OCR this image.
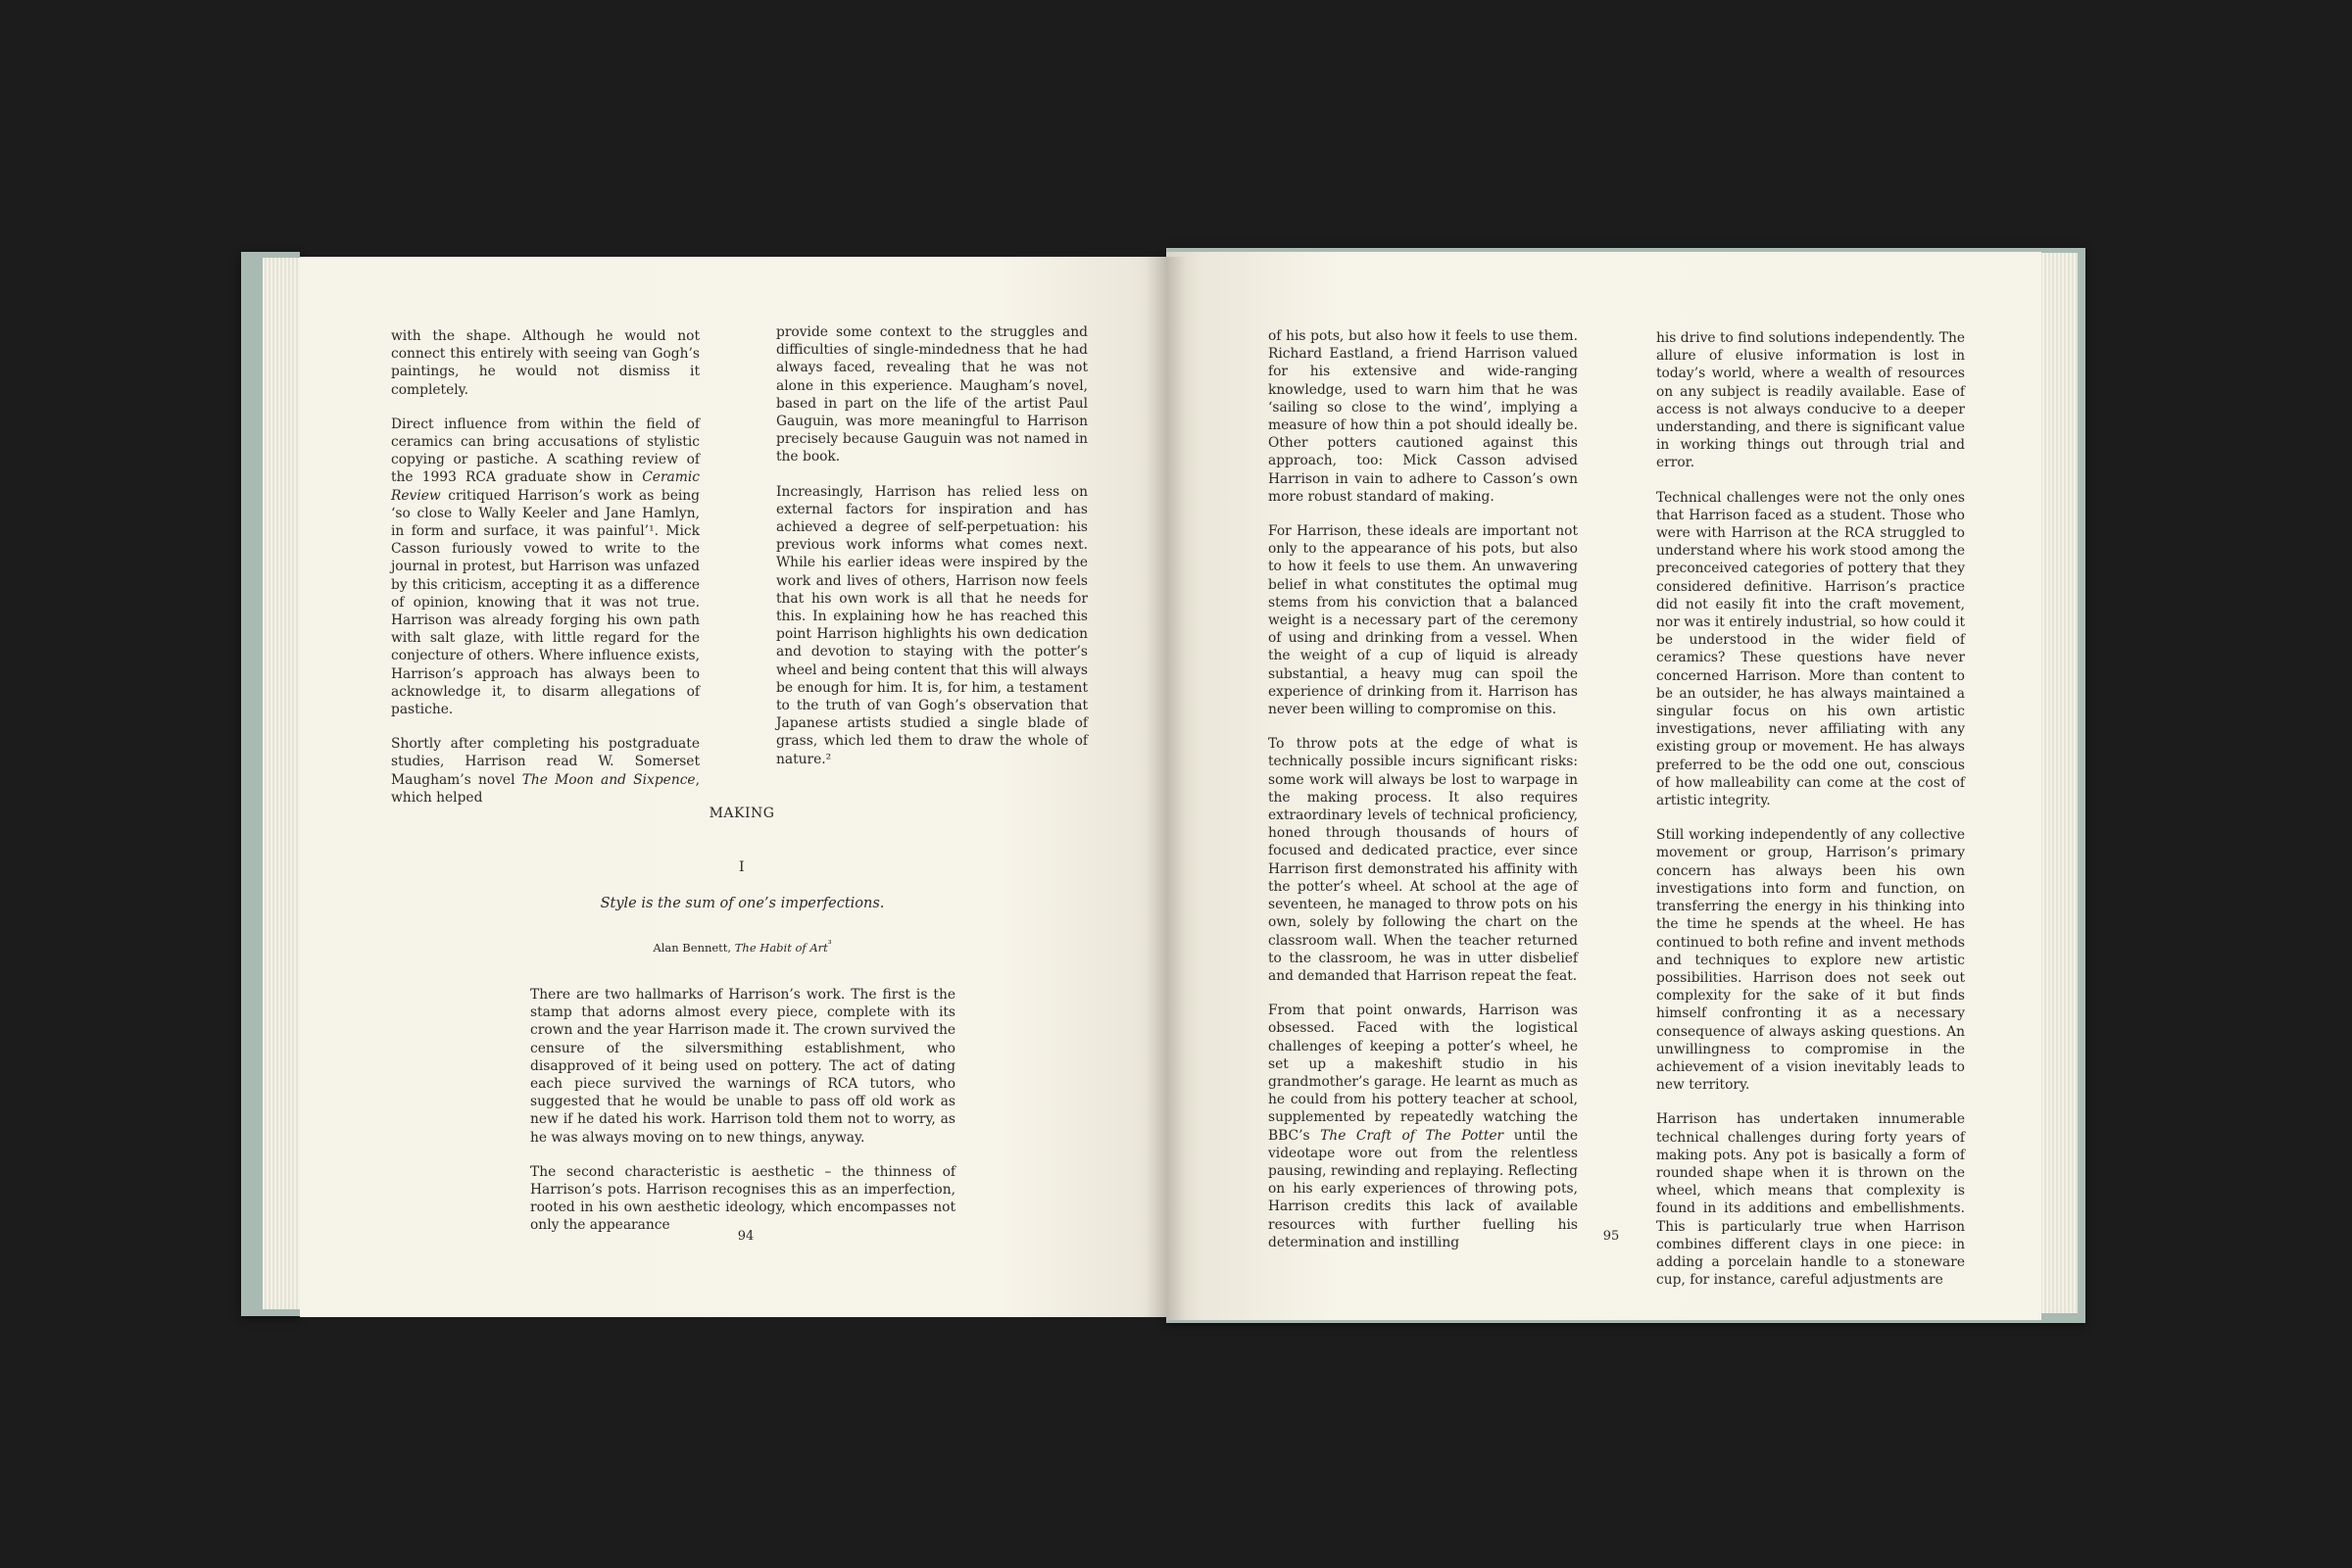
with the shape. Although he would not connect this entirely with seeing van Gogh’s paintings, he would not dismiss it completely.

Direct influence from within the field of ceramics can bring accusations of stylistic copying or pastiche. A scathing review of the 1993 RCA graduate show in Ceramic Review critiqued Harrison’s work as being ‘so close to Wally Keeler and Jane Hamlyn, in form and surface, it was painful’¹. Mick Casson furiously vowed to write to the journal in protest, but Harrison was unfazed by this criticism, accepting it as a difference of opinion, knowing that it was not true. Harrison was already forging his own path with salt glaze, with little regard for the conjecture of others. Where influence exists, Harrison’s approach has always been to acknowledge it, to disarm allegations of pastiche.

Shortly after completing his postgraduate studies, Harrison read W. Somerset Maugham’s novel The Moon and Sixpence, which helped

provide some context to the struggles and difficulties of single-mindedness that he had always faced, revealing that he was not alone in this experience. Maugham’s novel, based in part on the life of the artist Paul Gauguin, was more meaningful to Harrison precisely because Gauguin was not named in the book.

Increasingly, Harrison has relied less on external factors for inspiration and has achieved a degree of self-perpetuation: his previous work informs what comes next. While his earlier ideas were inspired by the work and lives of others, Harrison now feels that his own work is all that he needs for this. In explaining how he has reached this point Harrison highlights his own dedication and devotion to staying with the potter’s wheel and being content that this will always be enough for him. It is, for him, a testament to the truth of van Gogh’s observation that Japanese artists studied a single blade of grass, which led them to draw the whole of nature.²

MAKING
I
Style is the sum of one’s imperfections.
Alan Bennett, The Habit of Art$^{^3}$

There are two hallmarks of Harrison’s work. The first is the stamp that adorns almost every piece, complete with its crown and the year Harrison made it. The crown survived the censure of the silversmithing establishment, who disapproved of it being used on pottery. The act of dating each piece survived the warnings of RCA tutors, who suggested that he would be unable to pass off old work as new if he dated his work. Harrison told them not to worry, as he was always moving on to new things, anyway.

The second characteristic is aesthetic – the thinness of Harrison’s pots. Harrison recognises this as an imperfection, rooted in his own aesthetic ideology, which encompasses not only the appearance

94

of his pots, but also how it feels to use them. Richard Eastland, a friend Harrison valued for his extensive and wide-ranging knowledge, used to warn him that he was ‘sailing so close to the wind’, implying a measure of how thin a pot should ideally be. Other potters cautioned against this approach, too: Mick Casson advised Harrison in vain to adhere to Casson’s own more robust standard of making.

For Harrison, these ideals are important not only to the appearance of his pots, but also to how it feels to use them. An unwavering belief in what constitutes the optimal mug stems from his conviction that a balanced weight is a necessary part of the ceremony of using and drinking from a vessel. When the weight of a cup of liquid is already substantial, a heavy mug can spoil the experience of drinking from it. Harrison has never been willing to compromise on this.

To throw pots at the edge of what is technically possible incurs significant risks: some work will always be lost to warpage in the making process. It also requires extraordinary levels of technical proficiency, honed through thousands of hours of focused and dedicated practice, ever since Harrison first demonstrated his affinity with the potter’s wheel. At school at the age of seventeen, he managed to throw pots on his own, solely by following the chart on the classroom wall. When the teacher returned to the classroom, he was in utter disbelief and demanded that Harrison repeat the feat.

From that point onwards, Harrison was obsessed. Faced with the logistical challenges of keeping a potter’s wheel, he set up a makeshift studio in his grandmother’s garage. He learnt as much as he could from his pottery teacher at school, supplemented by repeatedly watching the BBC’s The Craft of The Potter until the videotape wore out from the relentless pausing, rewinding and replaying. Reflecting on his early experiences of throwing pots, Harrison credits this lack of available resources with further fuelling his determination and instilling

his drive to find solutions independently. The allure of elusive information is lost in today’s world, where a wealth of resources on any subject is readily available. Ease of access is not always conducive to a deeper understanding, and there is significant value in working things out through trial and error.

Technical challenges were not the only ones that Harrison faced as a student. Those who were with Harrison at the RCA struggled to understand where his work stood among the preconceived categories of pottery that they considered definitive. Harrison’s practice did not easily fit into the craft movement, nor was it entirely industrial, so how could it be understood in the wider field of ceramics? These questions have never concerned Harrison. More than content to be an outsider, he has always maintained a singular focus on his own artistic investigations, never affiliating with any existing group or movement. He has always preferred to be the odd one out, conscious of how malleability can come at the cost of artistic integrity.

Still working independently of any collective movement or group, Harrison’s primary concern has always been his own investigations into form and function, on transferring the energy in his thinking into the time he spends at the wheel. He has continued to both refine and invent methods and techniques to explore new artistic possibilities. Harrison does not seek out complexity for the sake of it but finds himself confronting it as a necessary consequence of always asking questions. An unwillingness to compromise in the achievement of a vision inevitably leads to new territory.

Harrison has undertaken innumerable technical challenges during forty years of making pots. Any pot is basically a form of rounded shape when it is thrown on the wheel, which means that complexity is found in its additions and embellishments. This is particularly true when Harrison combines different clays in one piece: in adding a porcelain handle to a stoneware cup, for instance, careful adjustments are

95
